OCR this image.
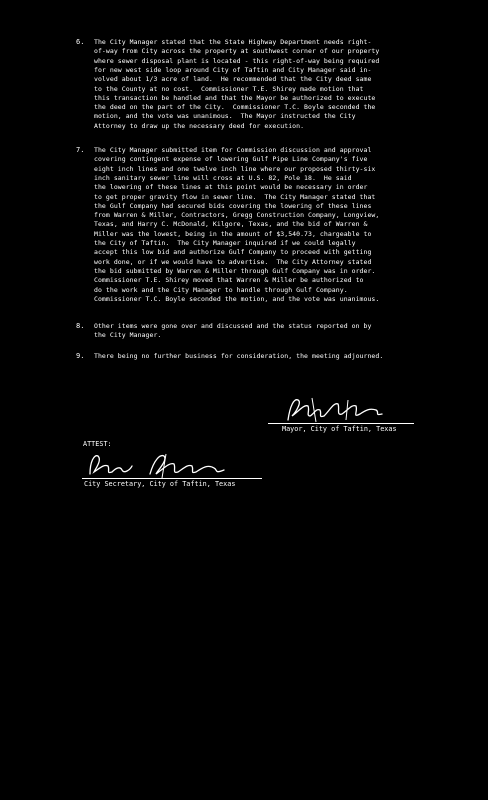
6. The City Manager stated that the State Highway Department needs right-
of-way from City across the property at southwest corner of our property
where sewer disposal plant is located - this right-of-way being required
for new west side loop around City of Taftin and City Manager said in-
volved about 1/3 acre of land.  He recommended that the City deed same
to the County at no cost.  Commissioner T.E. Shirey made motion that
this transaction be handled and that the Mayor be authorized to execute
the deed on the part of the City.  Commissioner T.C. Boyle seconded the
motion, and the vote was unanimous.  The Mayor instructed the City
Attorney to draw up the necessary deed for execution.
7. The City Manager submitted item for Commission discussion and approval
covering contingent expense of lowering Gulf Pipe Line Company's five
eight inch lines and one twelve inch line where our proposed thirty-six
inch sanitary sewer line will cross at U.S. 82, Pole 18.  He said
the lowering of these lines at this point would be necessary in order
to get proper gravity flow in sewer line.  The City Manager stated that
the Gulf Company had secured bids covering the lowering of these lines
from Warren & Miller, Contractors, Gregg Construction Company, Longview,
Texas, and Harry C. McDonald, Kilgore, Texas, and the bid of Warren &
Miller was the lowest, being in the amount of $3,540.73, chargeable to
the City of Taftin.  The City Manager inquired if we could legally
accept this low bid and authorize Gulf Company to proceed with getting
work done, or if we would have to advertise.  The City Attorney stated
the bid submitted by Warren & Miller through Gulf Company was in order.
Commissioner T.E. Shirey moved that Warren & Miller be authorized to
do the work and the City Manager to handle through Gulf Company.
Commissioner T.C. Boyle seconded the motion, and the vote was unanimous.
8. Other items were gone over and discussed and the status reported on by
the City Manager.
9. There being no further business for consideration, the meeting adjourned.
Mayor, City of Taftin, Texas
ATTEST:
City Secretary, City of Taftin, Texas
